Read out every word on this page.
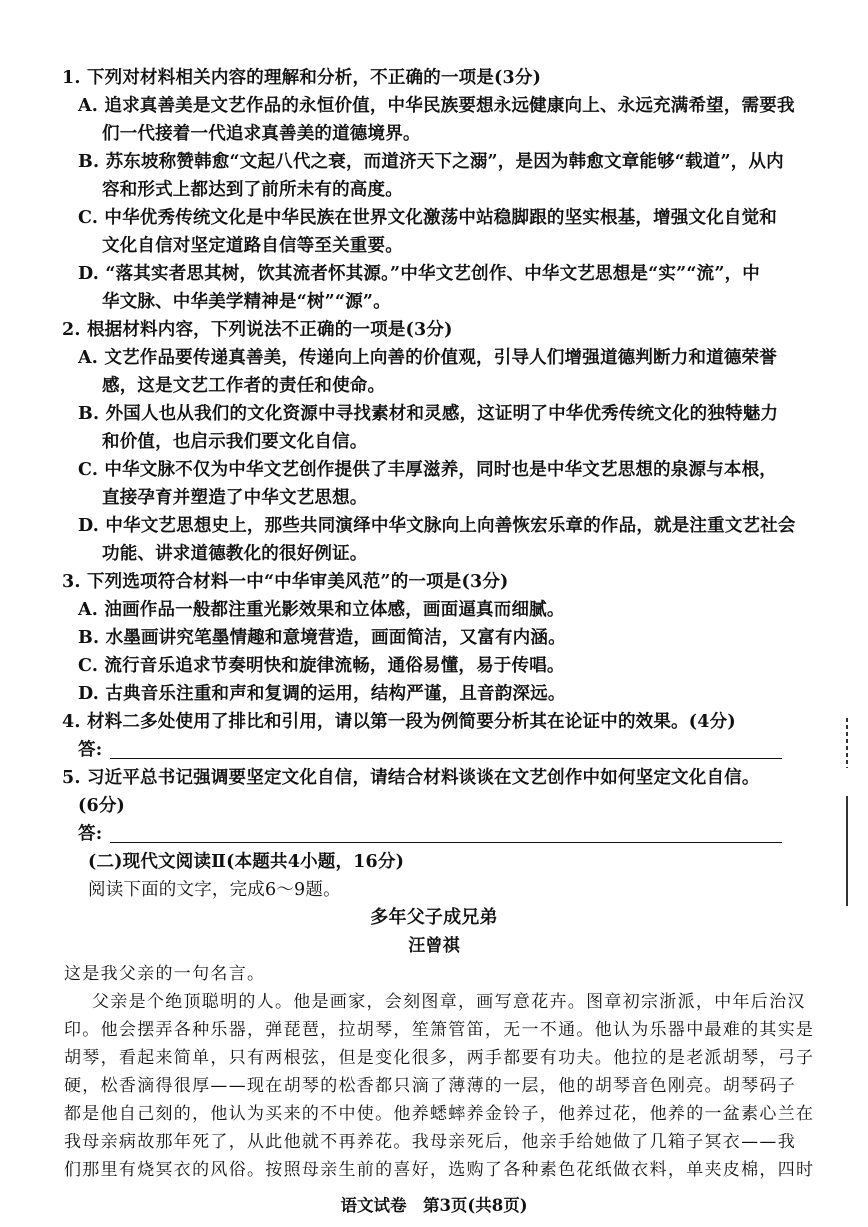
1. 下列对材料相关内容的理解和分析，不正确的一项是(3分)
A. 追求真善美是文艺作品的永恒价值，中华民族要想永远健康向上、永远充满希望，需要我
们一代接着一代追求真善美的道德境界。
B. 苏东坡称赞韩愈“文起八代之衰，而道济天下之溺”，是因为韩愈文章能够“载道”，从内
容和形式上都达到了前所未有的高度。
C. 中华优秀传统文化是中华民族在世界文化激荡中站稳脚跟的坚实根基，增强文化自觉和
文化自信对坚定道路自信等至关重要。
D. “落其实者思其树，饮其流者怀其源。”中华文艺创作、中华文艺思想是“实”“流”，中
华文脉、中华美学精神是“树”“源”。
2. 根据材料内容，下列说法不正确的一项是(3分)
A. 文艺作品要传递真善美，传递向上向善的价值观，引导人们增强道德判断力和道德荣誉
感，这是文艺工作者的责任和使命。
B. 外国人也从我们的文化资源中寻找素材和灵感，这证明了中华优秀传统文化的独特魅力
和价值，也启示我们要文化自信。
C. 中华文脉不仅为中华文艺创作提供了丰厚滋养，同时也是中华文艺思想的泉源与本根，
直接孕育并塑造了中华文艺思想。
D. 中华文艺思想史上，那些共同演绎中华文脉向上向善恢宏乐章的作品，就是注重文艺社会
功能、讲求道德教化的很好例证。
3. 下列选项符合材料一中“中华审美风范”的一项是(3分)
A. 油画作品一般都注重光影效果和立体感，画面逼真而细腻。
B. 水墨画讲究笔墨情趣和意境营造，画面简洁，又富有内涵。
C. 流行音乐追求节奏明快和旋律流畅，通俗易懂，易于传唱。
D. 古典音乐注重和声和复调的运用，结构严谨，且音韵深远。
4. 材料二多处使用了排比和引用，请以第一段为例简要分析其在论证中的效果。(4分)
答:
5. 习近平总书记强调要坚定文化自信，请结合材料谈谈在文艺创作中如何坚定文化自信。
(6分)
答:
(二)现代文阅读Ⅱ(本题共4小题，16分)
阅读下面的文字，完成6～9题。
多年父子成兄弟
汪曾祺
这是我父亲的一句名言。
父亲是个绝顶聪明的人。他是画家，会刻图章，画写意花卉。图章初宗浙派，中年后治汉
印。他会摆弄各种乐器，弹琵琶，拉胡琴，笙箫管笛，无一不通。他认为乐器中最难的其实是
胡琴，看起来简单，只有两根弦，但是变化很多，两手都要有功夫。他拉的是老派胡琴，弓子
硬，松香滴得很厚——现在胡琴的松香都只滴了薄薄的一层，他的胡琴音色刚亮。胡琴码子
都是他自己刻的，他认为买来的不中使。他养蟋蟀养金铃子，他养过花，他养的一盆素心兰在
我母亲病故那年死了，从此他就不再养花。我母亲死后，他亲手给她做了几箱子冥衣——我
们那里有烧冥衣的风俗。按照母亲生前的喜好，选购了各种素色花纸做衣料，单夹皮棉，四时
语文试卷　第3页(共8页)
